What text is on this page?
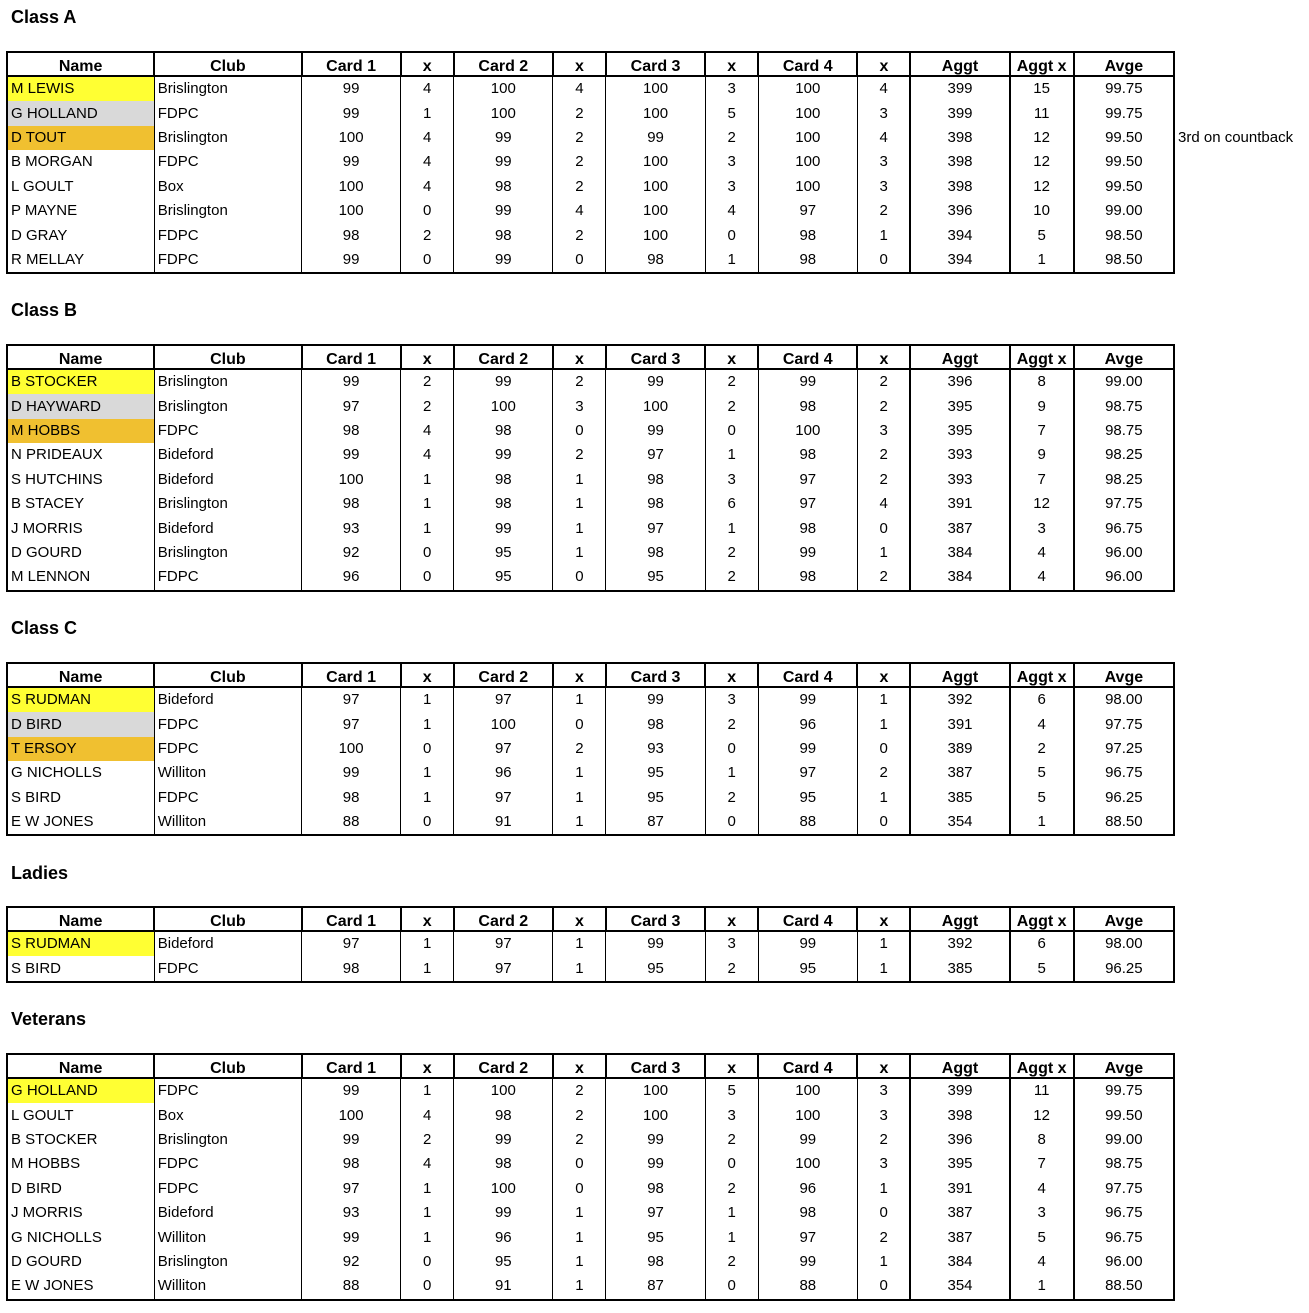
Class A
3rd on countback
Name	Club	Card 1	x	Card 2	x	Card 3	x	Card 4	x	Aggt	Aggt x	Avge
M LEWIS	Brislington	99	4	100	4	100	3	100	4	399	15	99.75
G HOLLAND	FDPC	99	1	100	2	100	5	100	3	399	11	99.75
D TOUT	Brislington	100	4	99	2	99	2	100	4	398	12	99.50
B MORGAN	FDPC	99	4	99	2	100	3	100	3	398	12	99.50
L GOULT	Box	100	4	98	2	100	3	100	3	398	12	99.50
P MAYNE	Brislington	100	0	99	4	100	4	97	2	396	10	99.00
D GRAY	FDPC	98	2	98	2	100	0	98	1	394	5	98.50
R MELLAY	FDPC	99	0	99	0	98	1	98	0	394	1	98.50
Class B
Name	Club	Card 1	x	Card 2	x	Card 3	x	Card 4	x	Aggt	Aggt x	Avge
B STOCKER	Brislington	99	2	99	2	99	2	99	2	396	8	99.00
D HAYWARD	Brislington	97	2	100	3	100	2	98	2	395	9	98.75
M HOBBS	FDPC	98	4	98	0	99	0	100	3	395	7	98.75
N PRIDEAUX	Bideford	99	4	99	2	97	1	98	2	393	9	98.25
S HUTCHINS	Bideford	100	1	98	1	98	3	97	2	393	7	98.25
B STACEY	Brislington	98	1	98	1	98	6	97	4	391	12	97.75
J MORRIS	Bideford	93	1	99	1	97	1	98	0	387	3	96.75
D GOURD	Brislington	92	0	95	1	98	2	99	1	384	4	96.00
M LENNON	FDPC	96	0	95	0	95	2	98	2	384	4	96.00
Class C
Name	Club	Card 1	x	Card 2	x	Card 3	x	Card 4	x	Aggt	Aggt x	Avge
S RUDMAN	Bideford	97	1	97	1	99	3	99	1	392	6	98.00
D BIRD	FDPC	97	1	100	0	98	2	96	1	391	4	97.75
T ERSOY	FDPC	100	0	97	2	93	0	99	0	389	2	97.25
G NICHOLLS	Williton	99	1	96	1	95	1	97	2	387	5	96.75
S BIRD	FDPC	98	1	97	1	95	2	95	1	385	5	96.25
E W JONES	Williton	88	0	91	1	87	0	88	0	354	1	88.50
Ladies
Name	Club	Card 1	x	Card 2	x	Card 3	x	Card 4	x	Aggt	Aggt x	Avge
S RUDMAN	Bideford	97	1	97	1	99	3	99	1	392	6	98.00
S BIRD	FDPC	98	1	97	1	95	2	95	1	385	5	96.25
Veterans
Name	Club	Card 1	x	Card 2	x	Card 3	x	Card 4	x	Aggt	Aggt x	Avge
G HOLLAND	FDPC	99	1	100	2	100	5	100	3	399	11	99.75
L GOULT	Box	100	4	98	2	100	3	100	3	398	12	99.50
B STOCKER	Brislington	99	2	99	2	99	2	99	2	396	8	99.00
M HOBBS	FDPC	98	4	98	0	99	0	100	3	395	7	98.75
D BIRD	FDPC	97	1	100	0	98	2	96	1	391	4	97.75
J MORRIS	Bideford	93	1	99	1	97	1	98	0	387	3	96.75
G NICHOLLS	Williton	99	1	96	1	95	1	97	2	387	5	96.75
D GOURD	Brislington	92	0	95	1	98	2	99	1	384	4	96.00
E W JONES	Williton	88	0	91	1	87	0	88	0	354	1	88.50
